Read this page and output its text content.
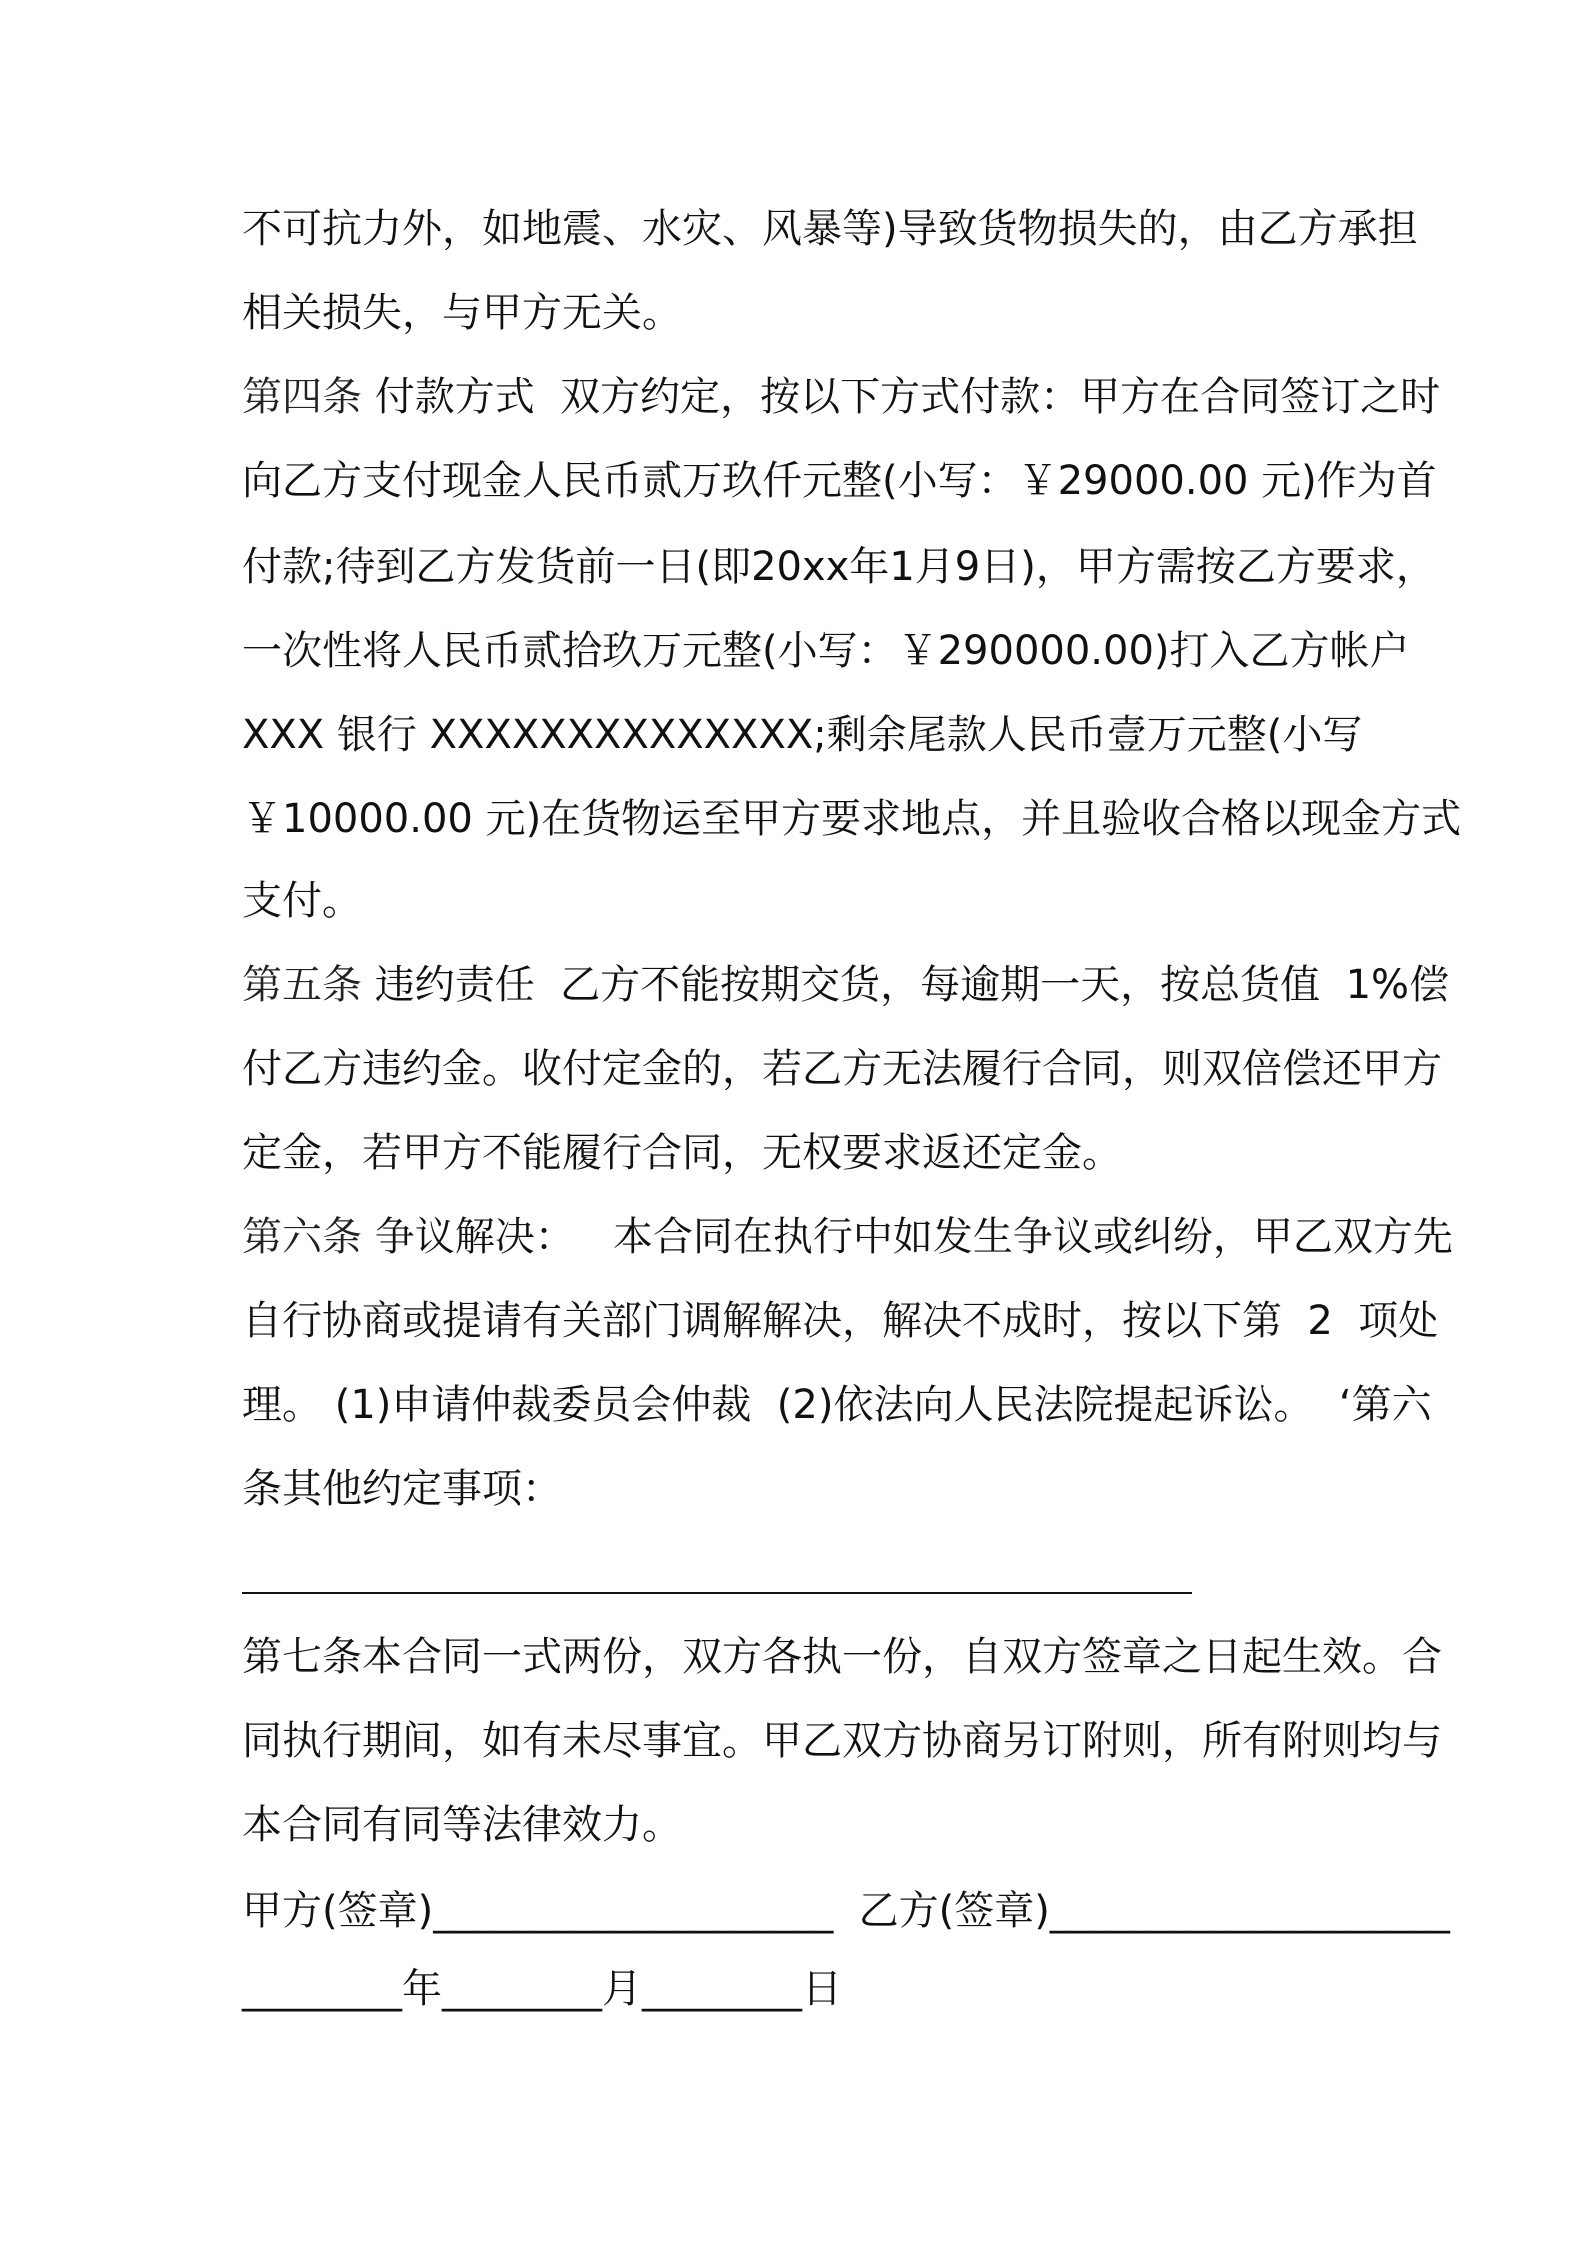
不可抗力外，如地震、水灾、风暴等)导致货物损失的，由乙方承担
相关损失，与甲方无关。
第四条 付款方式 双方约定，按以下方式付款：甲方在合同签订之时
向乙方支付现金人民币贰万玖仟元整(小写：￥29000.00 元)作为首
付款;待到乙方发货前一日(即20xx年1月9日)，甲方需按乙方要求，
一次性将人民币贰拾玖万元整(小写：￥290000.00)打入乙方帐户
XXX 银行 XXXXXXXXXXXXXX;剩余尾款人民币壹万元整(小写
￥10000.00 元)在货物运至甲方要求地点，并且验收合格以现金方式
支付。
第五条 违约责任 乙方不能按期交货，每逾期一天，按总货值  1%偿
付乙方违约金。收付定金的，若乙方无法履行合同，则双倍偿还甲方
定金，若甲方不能履行合同，无权要求返还定金。
第六条 争议解决： 本合同在执行中如发生争议或纠纷，甲乙双方先
自行协商或提请有关部门调解解决，解决不成时，按以下第  2  项处
理。 (1)申请仲裁委员会仲裁  (2)依法向人民法院提起诉讼。  ‘第六
条其他约定事项：
第七条本合同一式两份，双方各执一份，自双方签章之日起生效。合
同执行期间，如有未尽事宜。甲乙双方协商另订附则，所有附则均与
本合同有同等法律效力。
甲方(签章)____________________  乙方(签章)____________________
________年________月________日
